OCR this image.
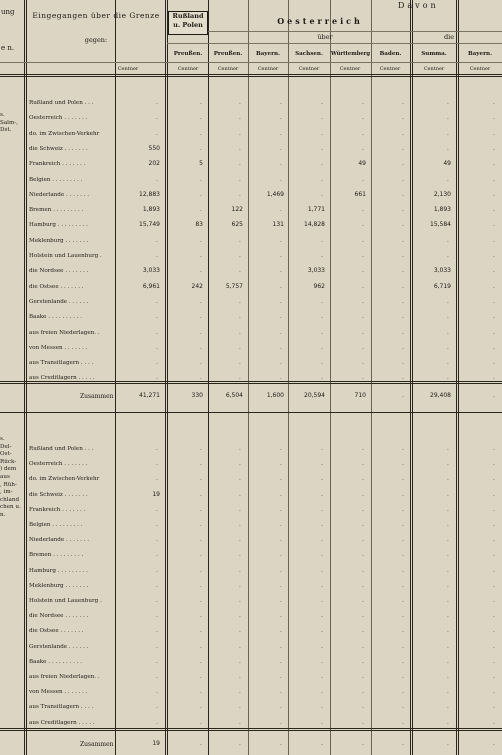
ung
e n.
Eingegangen über die Grenze
gegen:
Davon
Rußland u. Polen	Oesterreich
über	die
Preußen.	Preußen.	Bayern.	Sachsen.	Württemberg	Baden.	Summa.	Bayern.
Centner	Centner	Centner	Centner	Centner	Centner	Centner	Centner	Centner
s.
Salm-,
Dst.
Rußland und Polen . . .	.	.	.	.	.	.	.	.	.
Oesterreich . . . . . . .	.	.	.	.	.	.	.	.	.
do. im Zwischen-Verkehr	.	.	.	.	.	.	.	.	.
die Schweiz . . . . . . .	550	.	.	.	.	.	.	.	.
Frankreich . . . . . . .	202	5	.	.	.	49	.	49	.
Belgien . . . . . . . . .	.	.	.	.	.	.	.	.	.
Niederlande . . . . . . .	12,883	.	.	1,469	.	661	.	2,130	.
Bremen . . . . . . . . .	1,893	.	122	.	1,771	.	.	1,893	.
Hamburg . . . . . . . . .	15,749	83	625	131	14,828	.	.	15,584	.
Meklenburg . . . . . . .	.	.	.	.	.	.	.	.	.
Holstein und Lauenburg .	.	.	.	.	.	.	.	.	.
die Nordsee . . . . . . .	3,033	.	.	.	3,033	.	.	3,033	.
die Ostsee . . . . . . .	6,961	242	5,757	.	962	.	.	6,719	.
Gerstenlande . . . . . .	.	.	.	.	.	.	.	.	.
Baake . . . . . . . . . .	.	.	.	.	.	.	.	.	.
aus freien Niederlagen. .	.	.	.	.	.	.	.	.	.
von Messen . . . . . . .	.	.	.	.	.	.	.	.	.
aus Transitlagern . . . .	.	.	.	.	.	.	.	.	.
aus Creditlagern . . . . .	.	.	.	.	.	.	.	.	.
Zusammen	41,271	330	6,504	1,600	20,594	710	.	29,408	.
s.
Del-
Ost-
Rück-
) dem
aus
, Rüh-
, im-
chland
chen u.
n.
Rußland und Polen . . .	.	.	.	.	.	.	.	.	.
Oesterreich . . . . . . .	.	.	.	.	.	.	.	.	.
do. im Zwischen-Verkehr	.	.	.	.	.	.	.	.	.
die Schweiz . . . . . . .	19	.	.	.	.	.	.	.	.
Frankreich . . . . . . .	.	.	.	.	.	.	.	.	.
Belgien . . . . . . . . .	.	.	.	.	.	.	.	.	.
Niederlande . . . . . . .	.	.	.	.	.	.	.	.	.
Bremen . . . . . . . . .	.	.	.	.	.	.	.	.	.
Hamburg . . . . . . . . .	.	.	.	.	.	.	.	.	.
Meklenburg . . . . . . .	.	.	.	.	.	.	.	.	.
Holstein und Lauenburg .	.	.	.	.	.	.	.	.	.
die Nordsee . . . . . . .	.	.	.	.	.	.	.	.	.
die Ostsee . . . . . . .	.	.	.	.	.	.	.	.	.
Gerstenlande . . . . . .	.	.	.	.	.	.	.	.	.
Baake . . . . . . . . . .	.	.	.	.	.	.	.	.	.
aus freien Niederlagen. .	.	.	.	.	.	.	.	.	.
von Messen . . . . . . .	.	.	.	.	.	.	.	.	.
aus Transitlagern . . . .	.	.	.	.	.	.	.	.	.
aus Creditlagern . . . . .	.	.	.	.	.	.	.	.	.
Zusammen	19	.	.	.	.	.	.	.	.
